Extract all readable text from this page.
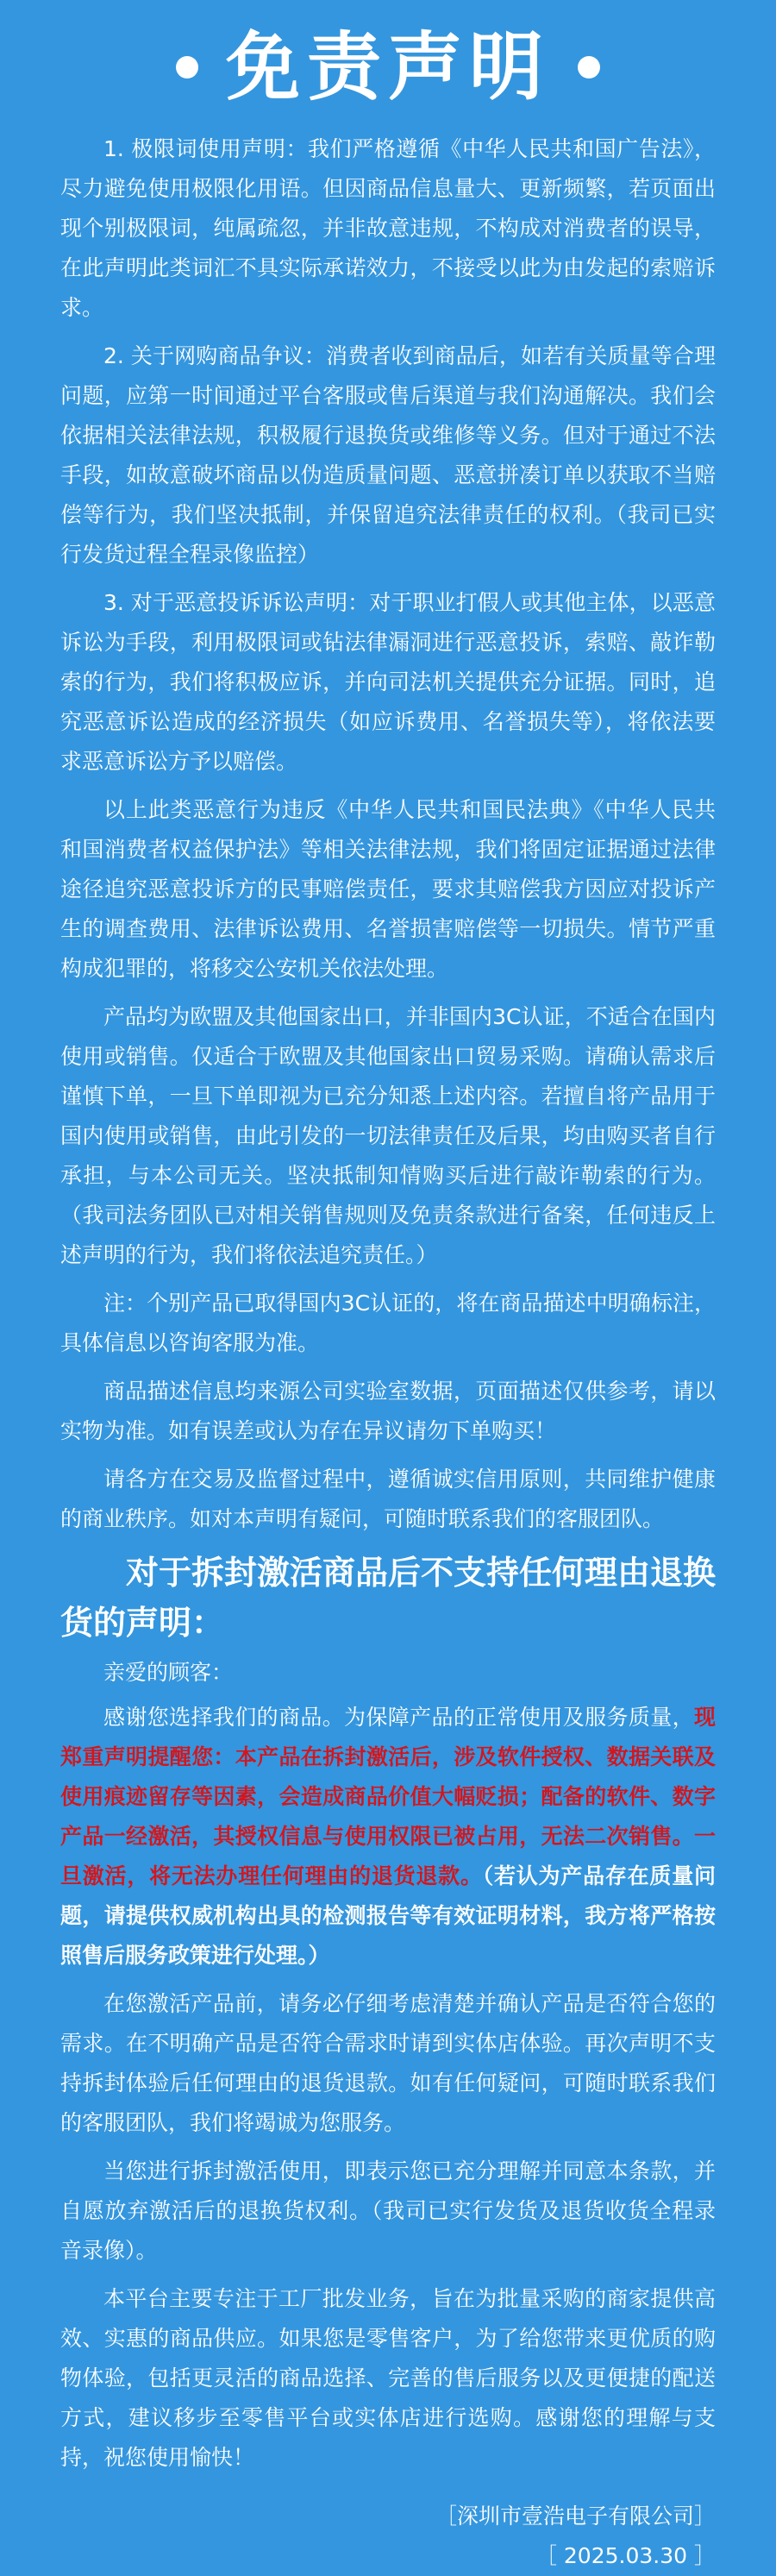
免责声明

1. 极限词使用声明：我们严格遵循《中华人民共和国广告法》，尽力避免使用极限化用语。但因商品信息量大、更新频繁，若页面出现个别极限词，纯属疏忽，并非故意违规，不构成对消费者的误导，在此声明此类词汇不具实际承诺效力，不接受以此为由发起的索赔诉求。

2. 关于网购商品争议：消费者收到商品后，如若有关质量等合理问题，应第一时间通过平台客服或售后渠道与我们沟通解决。我们会依据相关法律法规，积极履行退换货或维修等义务。但对于通过不法手段，如故意破坏商品以伪造质量问题、恶意拼凑订单以获取不当赔偿等行为，我们坚决抵制，并保留追究法律责任的权利。（我司已实行发货过程全程录像监控）

3. 对于恶意投诉诉讼声明：对于职业打假人或其他主体，以恶意诉讼为手段，利用极限词或钻法律漏洞进行恶意投诉，索赔、敲诈勒索的行为，我们将积极应诉，并向司法机关提供充分证据。同时，追究恶意诉讼造成的经济损失（如应诉费用、名誉损失等），将依法要求恶意诉讼方予以赔偿。

以上此类恶意行为违反《中华人民共和国民法典》《中华人民共和国消费者权益保护法》等相关法律法规，我们将固定证据通过法律途径追究恶意投诉方的民事赔偿责任，要求其赔偿我方因应对投诉产生的调查费用、法律诉讼费用、名誉损害赔偿等一切损失。情节严重构成犯罪的，将移交公安机关依法处理。

产品均为欧盟及其他国家出口，并非国内3C认证，不适合在国内使用或销售。仅适合于欧盟及其他国家出口贸易采购。请确认需求后谨慎下单，一旦下单即视为已充分知悉上述内容。若擅自将产品用于国内使用或销售，由此引发的一切法律责任及后果，均由购买者自行承担，与本公司无关。坚决抵制知情购买后进行敲诈勒索的行为。（我司法务团队已对相关销售规则及免责条款进行备案，任何违反上述声明的行为，我们将依法追究责任。）

注：个别产品已取得国内3C认证的，将在商品描述中明确标注，具体信息以咨询客服为准。

商品描述信息均来源公司实验室数据，页面描述仅供参考，请以实物为准。如有误差或认为存在异议请勿下单购买！

请各方在交易及监督过程中，遵循诚实信用原则，共同维护健康的商业秩序。如对本声明有疑问，可随时联系我们的客服团队。

对于拆封激活商品后不支持任何理由退换货的声明：

亲爱的顾客：

感谢您选择我们的商品。为保障产品的正常使用及服务质量，现郑重声明提醒您：本产品在拆封激活后，涉及软件授权、数据关联及使用痕迹留存等因素，会造成商品价值大幅贬损；配备的软件、数字产品一经激活，其授权信息与使用权限已被占用，无法二次销售。一旦激活，将无法办理任何理由的退货退款。（若认为产品存在质量问题，请提供权威机构出具的检测报告等有效证明材料，我方将严格按照售后服务政策进行处理。）

在您激活产品前，请务必仔细考虑清楚并确认产品是否符合您的需求。在不明确产品是否符合需求时请到实体店体验。再次声明不支持拆封体验后任何理由的退货退款。如有任何疑问，可随时联系我们的客服团队，我们将竭诚为您服务。

当您进行拆封激活使用，即表示您已充分理解并同意本条款，并自愿放弃激活后的退换货权利。（我司已实行发货及退货收货全程录音录像）。

本平台主要专注于工厂批发业务，旨在为批量采购的商家提供高效、实惠的商品供应。如果您是零售客户，为了给您带来更优质的购物体验，包括更灵活的商品选择、完善的售后服务以及更便捷的配送方式，建议移步至零售平台或实体店进行选购。感谢您的理解与支持，祝您使用愉快！

［深圳市壹浩电子有限公司］
［ 2025.03.30 ］
